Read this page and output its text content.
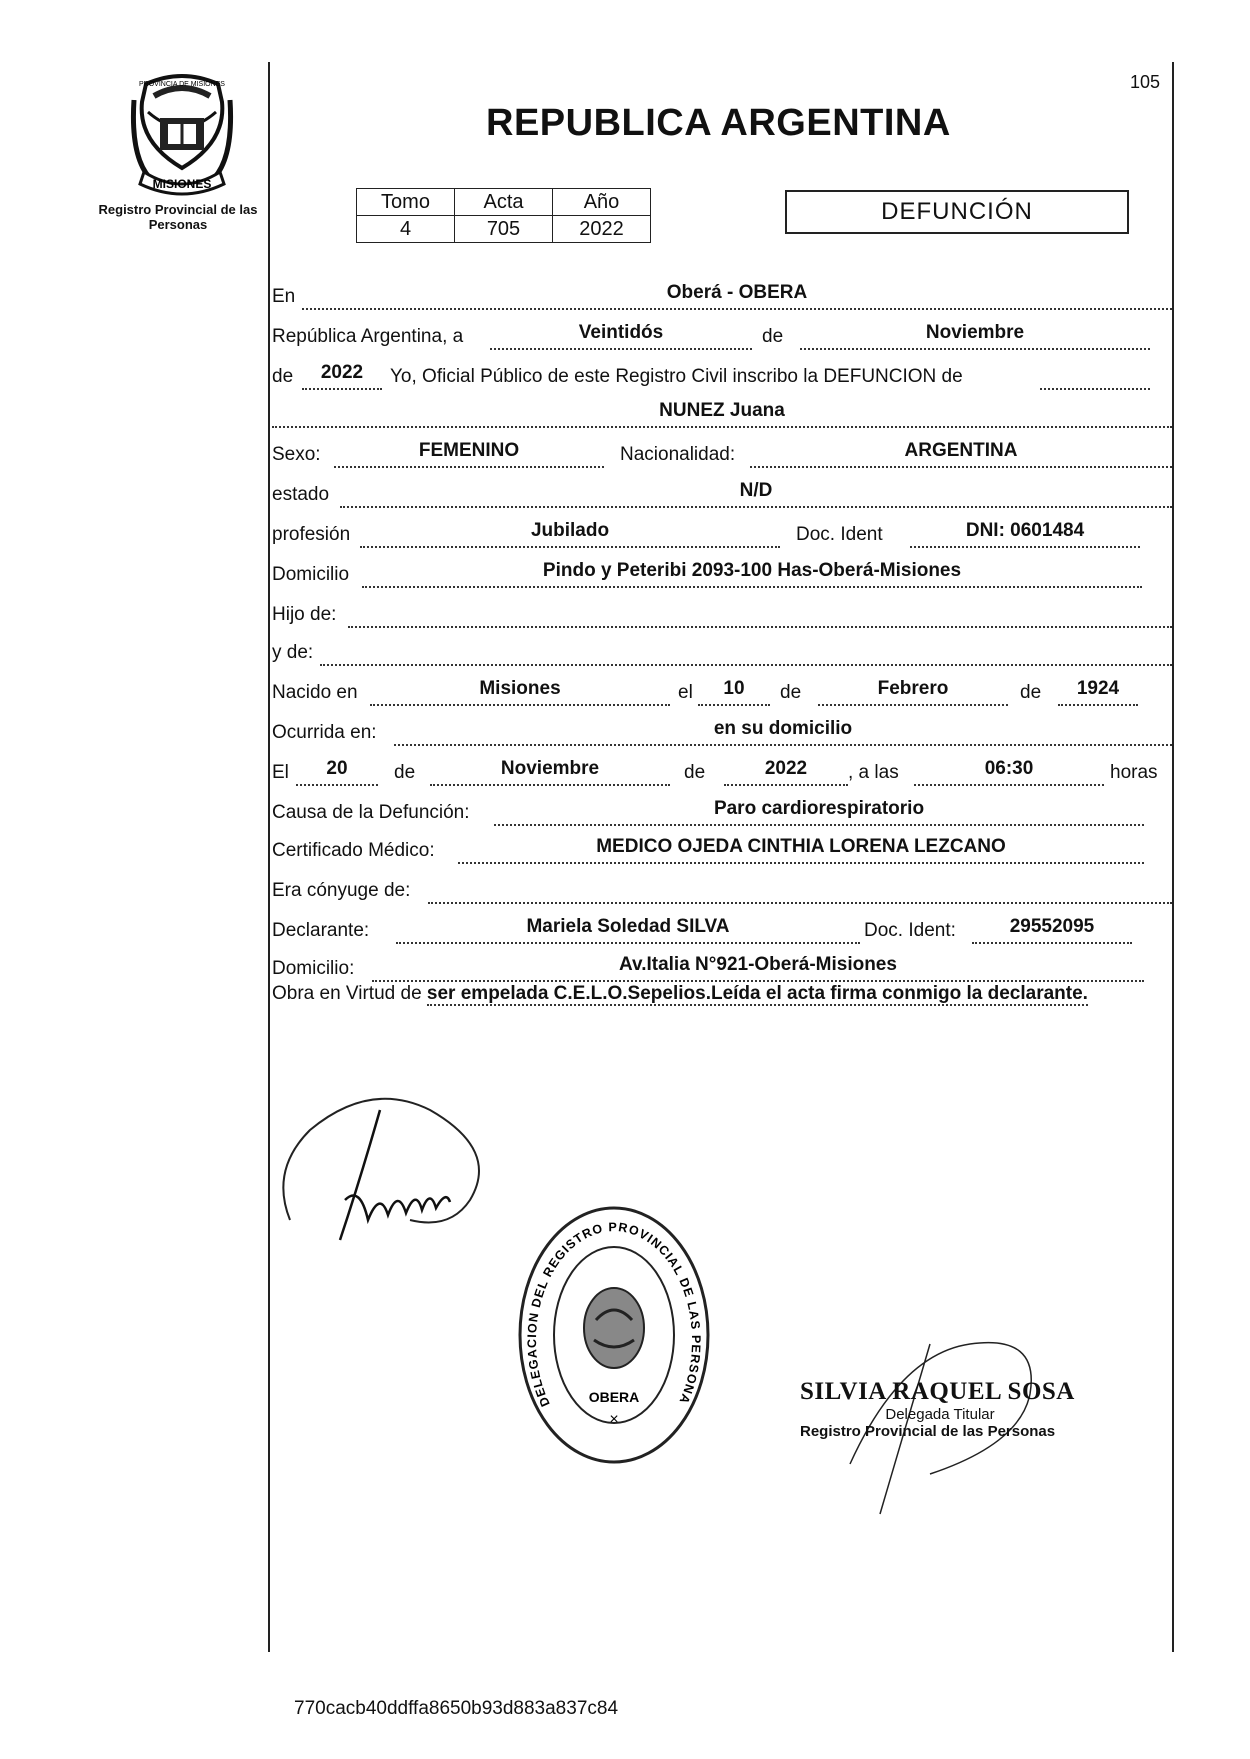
MISIONES
PROVINCIA DE MISIONES
Registro Provincial de las Personas
105
REPUBLICA ARGENTINA
Tomo	Acta	Año
4	705	2022
DEFUNCIÓN
En	Oberá - OBERA
República Argentina, a	Veintidós	de	Noviembre
de	2022	Yo, Oficial Público de este Registro Civil inscribo la DEFUNCION de
NUNEZ Juana
Sexo:	FEMENINO	Nacionalidad:	ARGENTINA
estado	N/D
profesión	Jubilado	Doc. Ident	DNI: 0601484
Domicilio	Pindo y Peteribi 2093-100 Has-Oberá-Misiones
Hijo de:
y de:
Nacido en	Misiones	el	10	de	Febrero	de	1924
Ocurrida en:	en su domicilio
El	20	de	Noviembre	de	2022	, a las	06:30	horas
Causa de la Defunción:	Paro cardiorespiratorio
Certificado Médico:	MEDICO OJEDA CINTHIA LORENA LEZCANO
Era cónyuge de:
Declarante:	Mariela Soledad SILVA	Doc. Ident:	29552095
Domicilio:	Av.Italia N°921-Oberá-Misiones
Obra en Virtud de ser empelada C.E.L.O.Sepelios.Leída el acta firma conmigo la declarante.
OBERA
×
DELEGACION DEL REGISTRO PROVINCIAL DE LAS PERSONA	SILVIA RAQUEL SOSA
Delegada Titular
Registro Provincial de las Personas
770cacb40ddffa8650b93d883a837c84
